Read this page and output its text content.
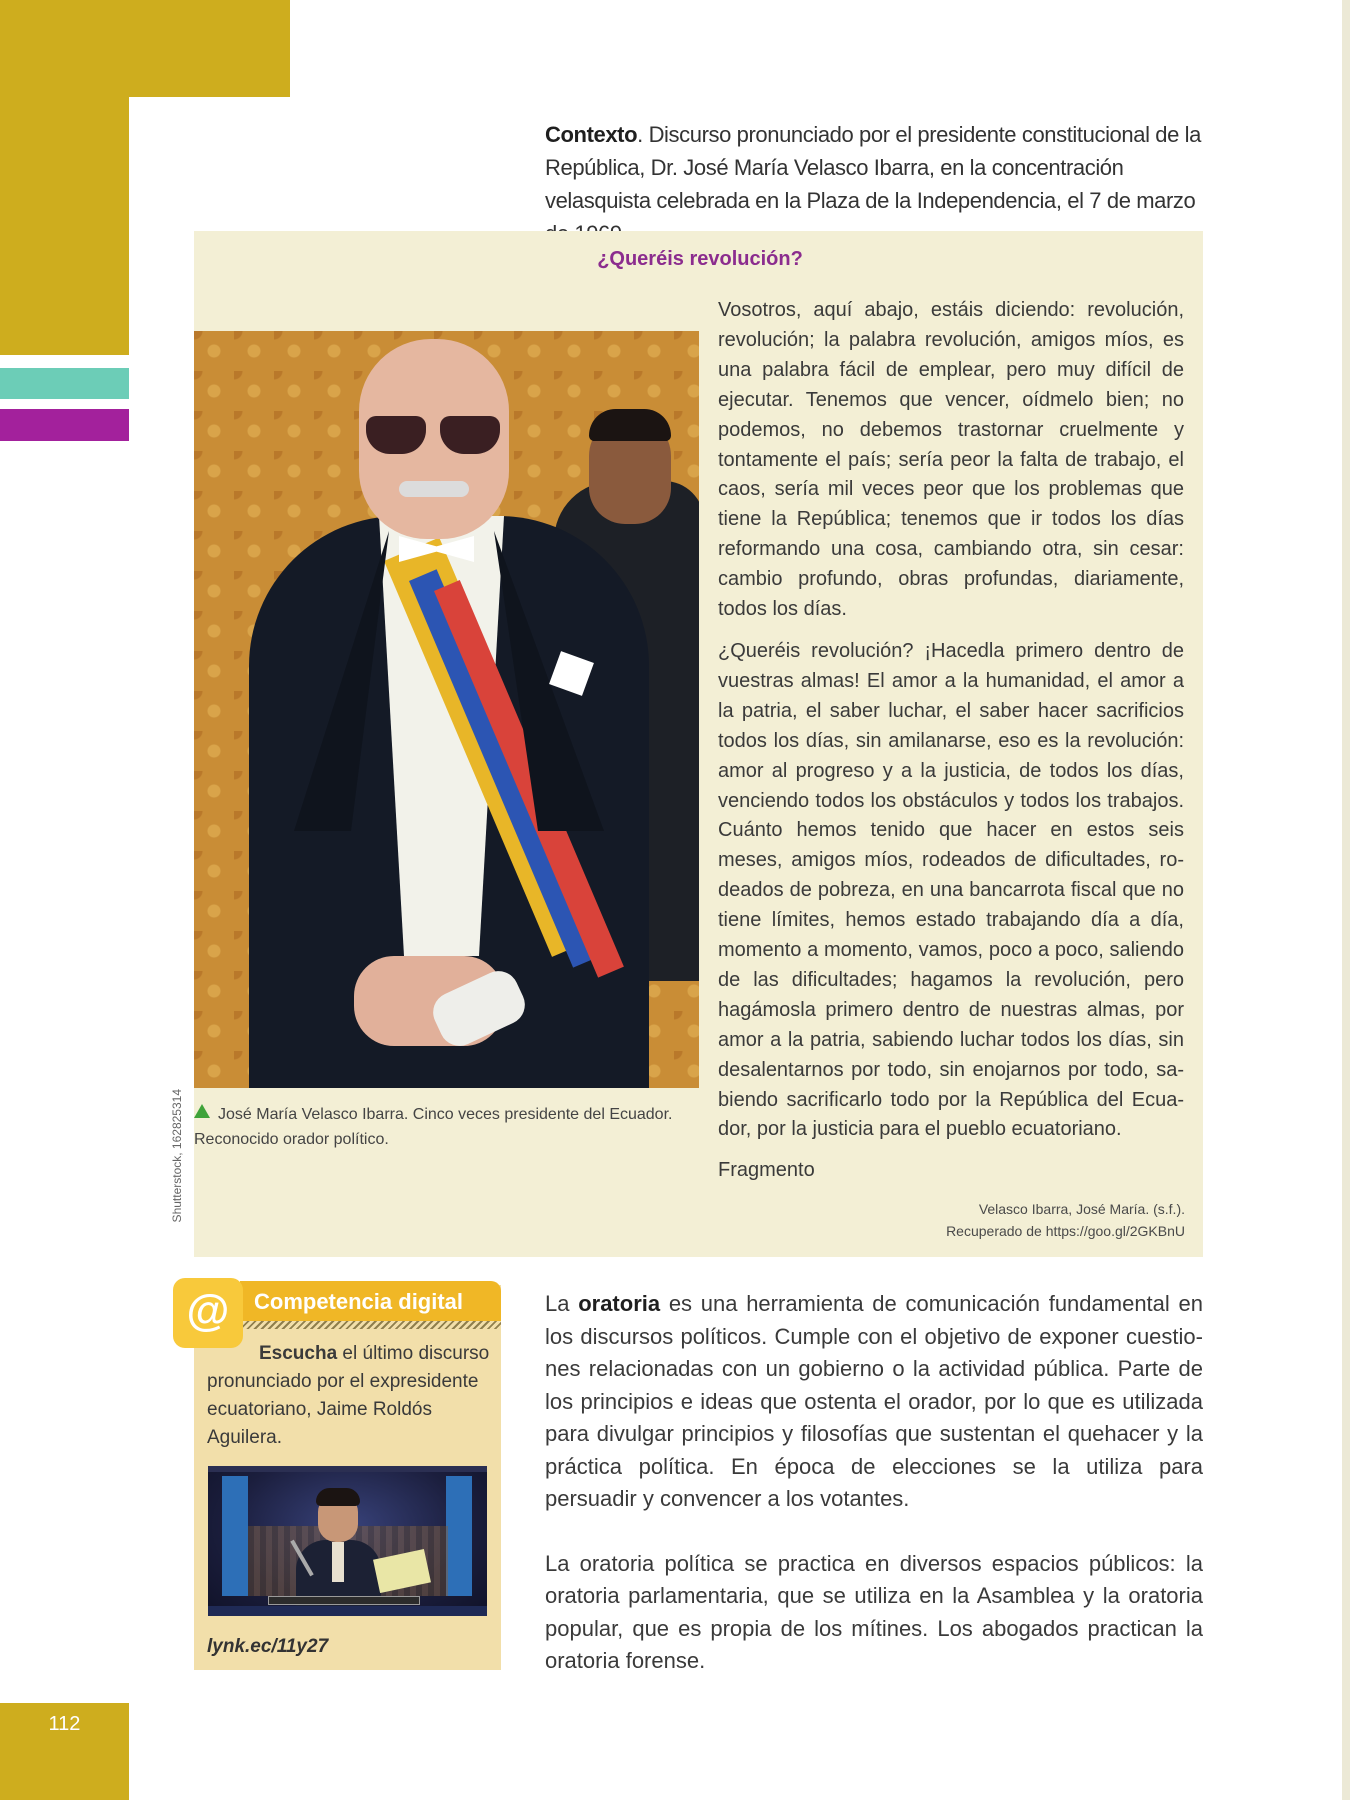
112
Contexto. Discurso pronunciado por el presidente constitucional de la República, Dr. José María Velasco Ibarra, en la concentración velasquista celebrada en la Plaza de la Independencia, el 7 de marzo
¿Queréis revolución?
Shutterstock, 162825314	José María Velasco Ibarra. Cinco veces presidente del Ecuador. Reconocido orador político.

Vosotros, aquí abajo, estáis diciendo: revolución, revolución; la palabra revolución, amigos míos, es una palabra fácil de emplear, pero muy difícil de ejecutar. Tenemos que vencer, oídmelo bien; no podemos, no debemos trastornar cruelmente y tontamente el país; sería peor la falta de trabajo, el caos, sería mil veces peor que los problemas que tiene la República; tenemos que ir todos los días reformando una cosa, cambiando otra, sin cesar: cambio profundo, obras profundas, diariamente, todos los días.

¿Queréis revolución? ¡Hacedla primero dentro de vuestras almas! El amor a la humanidad, el amor a la patria, el saber luchar, el saber hacer sacrificios todos los días, sin amilanarse, eso es la revolución: amor al progreso y a la justicia, de todos los días, venciendo todos los obstáculos y todos los trabajos. Cuánto hemos tenido que hacer en estos seis meses, amigos míos, rodeados de dificultades, rodeados de pobreza, en una bancarrota fiscal que no tiene límites, hemos estado trabajando día a día, momento a momento, vamos, poco a poco, saliendo de las dificultades; hagamos la revolución, pero hagámosla primero dentro de nuestras almas, por amor a la patria, sabiendo luchar todos los días, sin desalentarnos por todo, sin enojarnos por todo, sabiendo sacrificarlo todo por la República del Ecuador, por la justicia para el pueblo ecuatoriano.

Fragmento
Velasco Ibarra, José María. (s.f.).
Recuperado de https://goo.gl/2GKBnU
Competencia digital
@
Escucha el último discurso pronunciado por el expresidente ecuatoriano, Jaime Roldós Aguilera.
lynk.ec/11y27

La oratoria es una herramienta de comunicación fundamental en los discursos políticos. Cumple con el objetivo de exponer cuestiones relacionadas con un gobierno o la actividad pública. Parte de los principios e ideas que ostenta el orador, por lo que es utilizada para divulgar principios y filosofías que sustentan el quehacer y la práctica política. En época de elecciones se la utiliza para persuadir y convencer a los votantes.

La oratoria política se practica en diversos espacios públicos: la oratoria parlamentaria, que se utiliza en la Asamblea y la oratoria popular, que es propia de los mítines. Los abogados practican la oratoria forense.
